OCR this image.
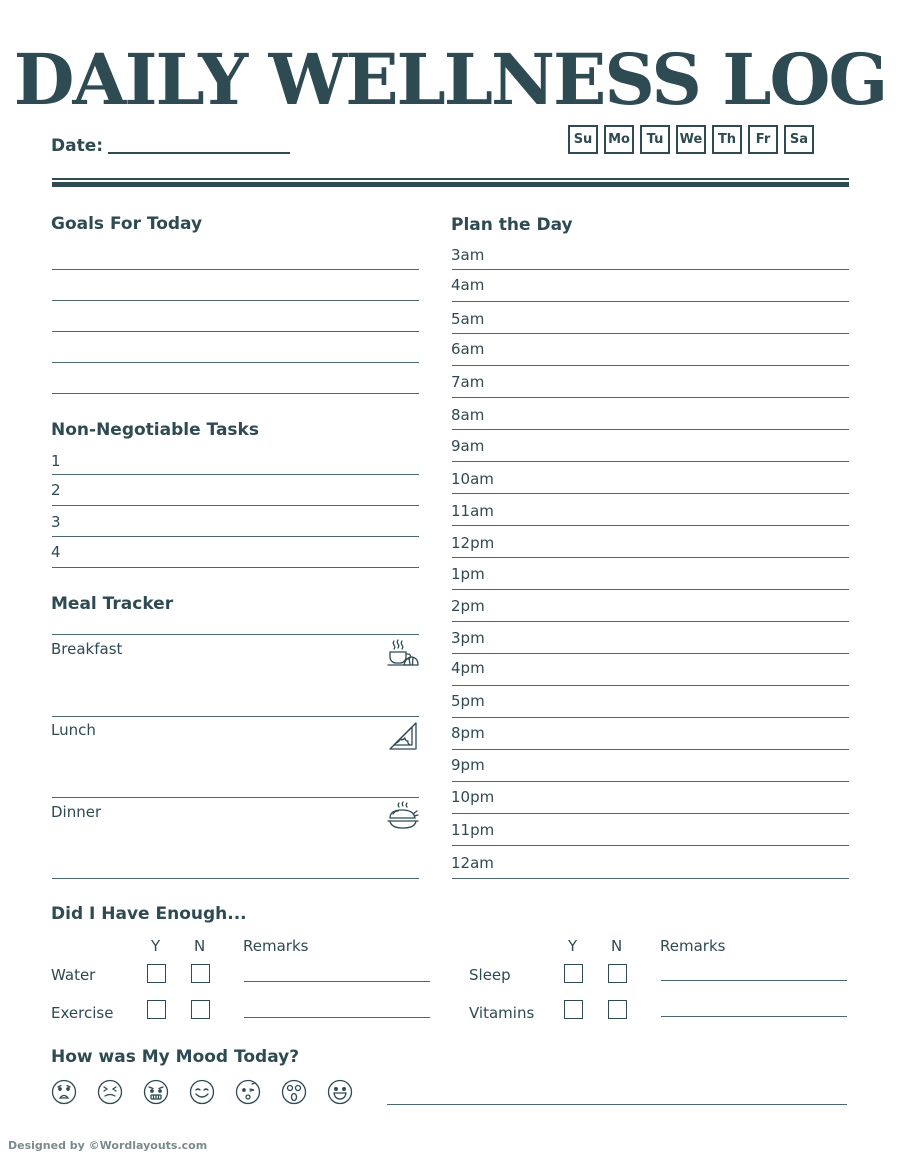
DAILY WELLNESS LOG
Date:	Su	Mo	Tu	We	Th	Fr	Sa
Goals For Today
Non-Negotiable Tasks
1
2
3
4
Meal Tracker
Breakfast
Lunch
Dinner
Plan the Day
3am
4am
5am
6am
7am
8am
9am
10am
11am
12pm
1pm
2pm
3pm
4pm
5pm
8pm
9pm
10pm
11pm
12am
Did I Have Enough...
Y N	Remarks
Water
Exercise
Y N	Remarks
Sleep
Vitamins
How was My Mood Today?
Designed by ©Wordlayouts.com
